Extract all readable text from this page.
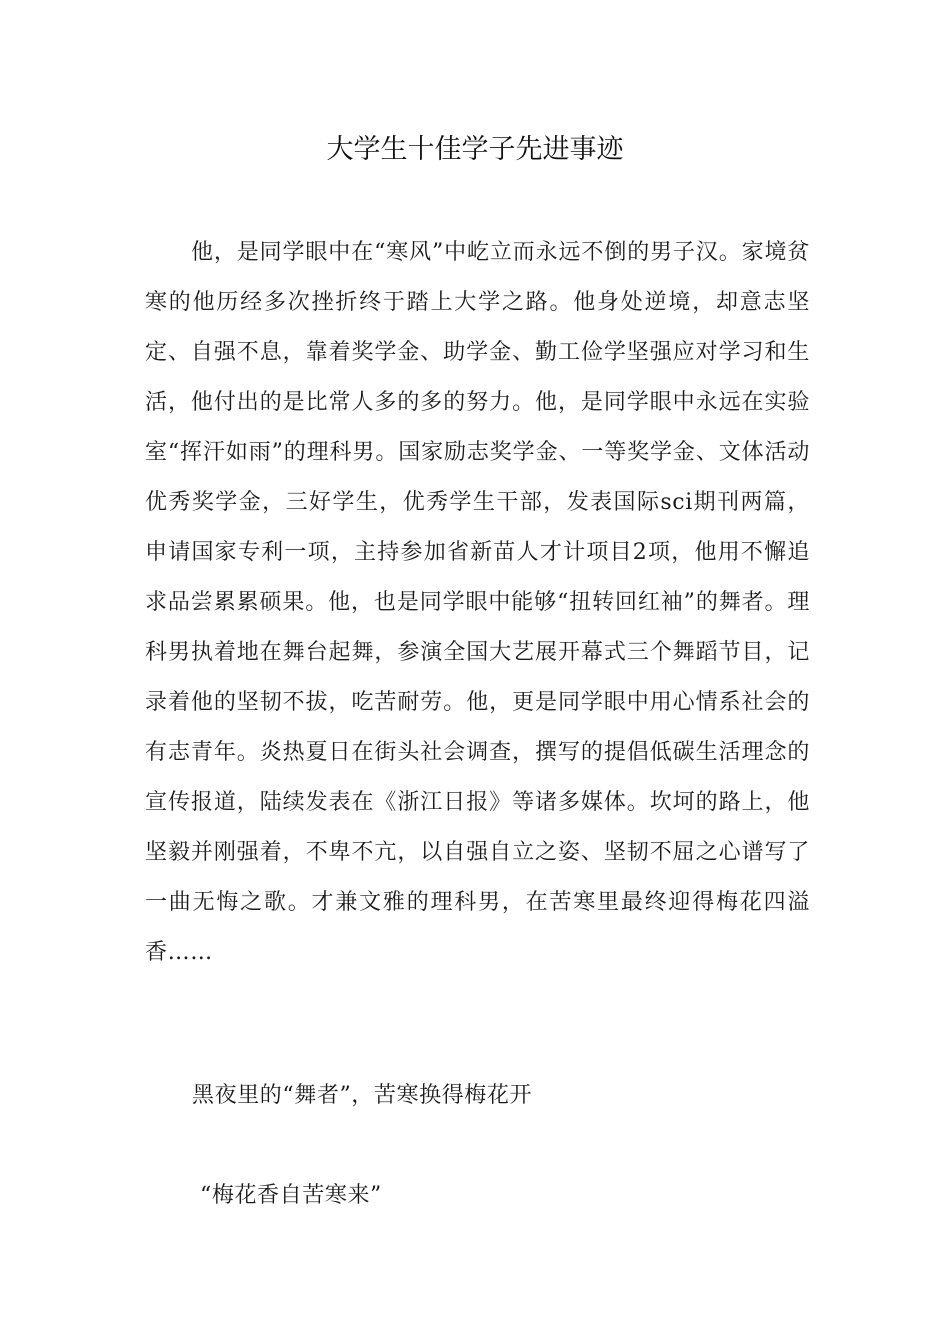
大学生十佳学子先进事迹

他，是同学眼中在“寒风”中屹立而永远不倒的男子汉。家境贫寒的他历经多次挫折终于踏上大学之路。他身处逆境，却意志坚定、自强不息，靠着奖学金、助学金、勤工俭学坚强应对学习和生活，他付出的是比常人多的多的努力。他，是同学眼中永远在实验室“挥汗如雨”的理科男。国家励志奖学金、一等奖学金、文体活动优秀奖学金，三好学生，优秀学生干部，发表国际sci期刊两篇，申请国家专利一项，主持参加省新苗人才计项目2项，他用不懈追求品尝累累硕果。他，也是同学眼中能够“扭转回红袖”的舞者。理科男执着地在舞台起舞，参演全国大艺展开幕式三个舞蹈节目，记录着他的坚韧不拔，吃苦耐劳。他，更是同学眼中用心情系社会的有志青年。炎热夏日在街头社会调查，撰写的提倡低碳生活理念的宣传报道，陆续发表在《浙江日报》等诸多媒体。坎坷的路上，他坚毅并刚强着，不卑不亢，以自强自立之姿、坚韧不屈之心谱写了一曲无悔之歌。才兼文雅的理科男，在苦寒里最终迎得梅花四溢香……

黑夜里的“舞者”，苦寒换得梅花开
“梅花香自苦寒来”
